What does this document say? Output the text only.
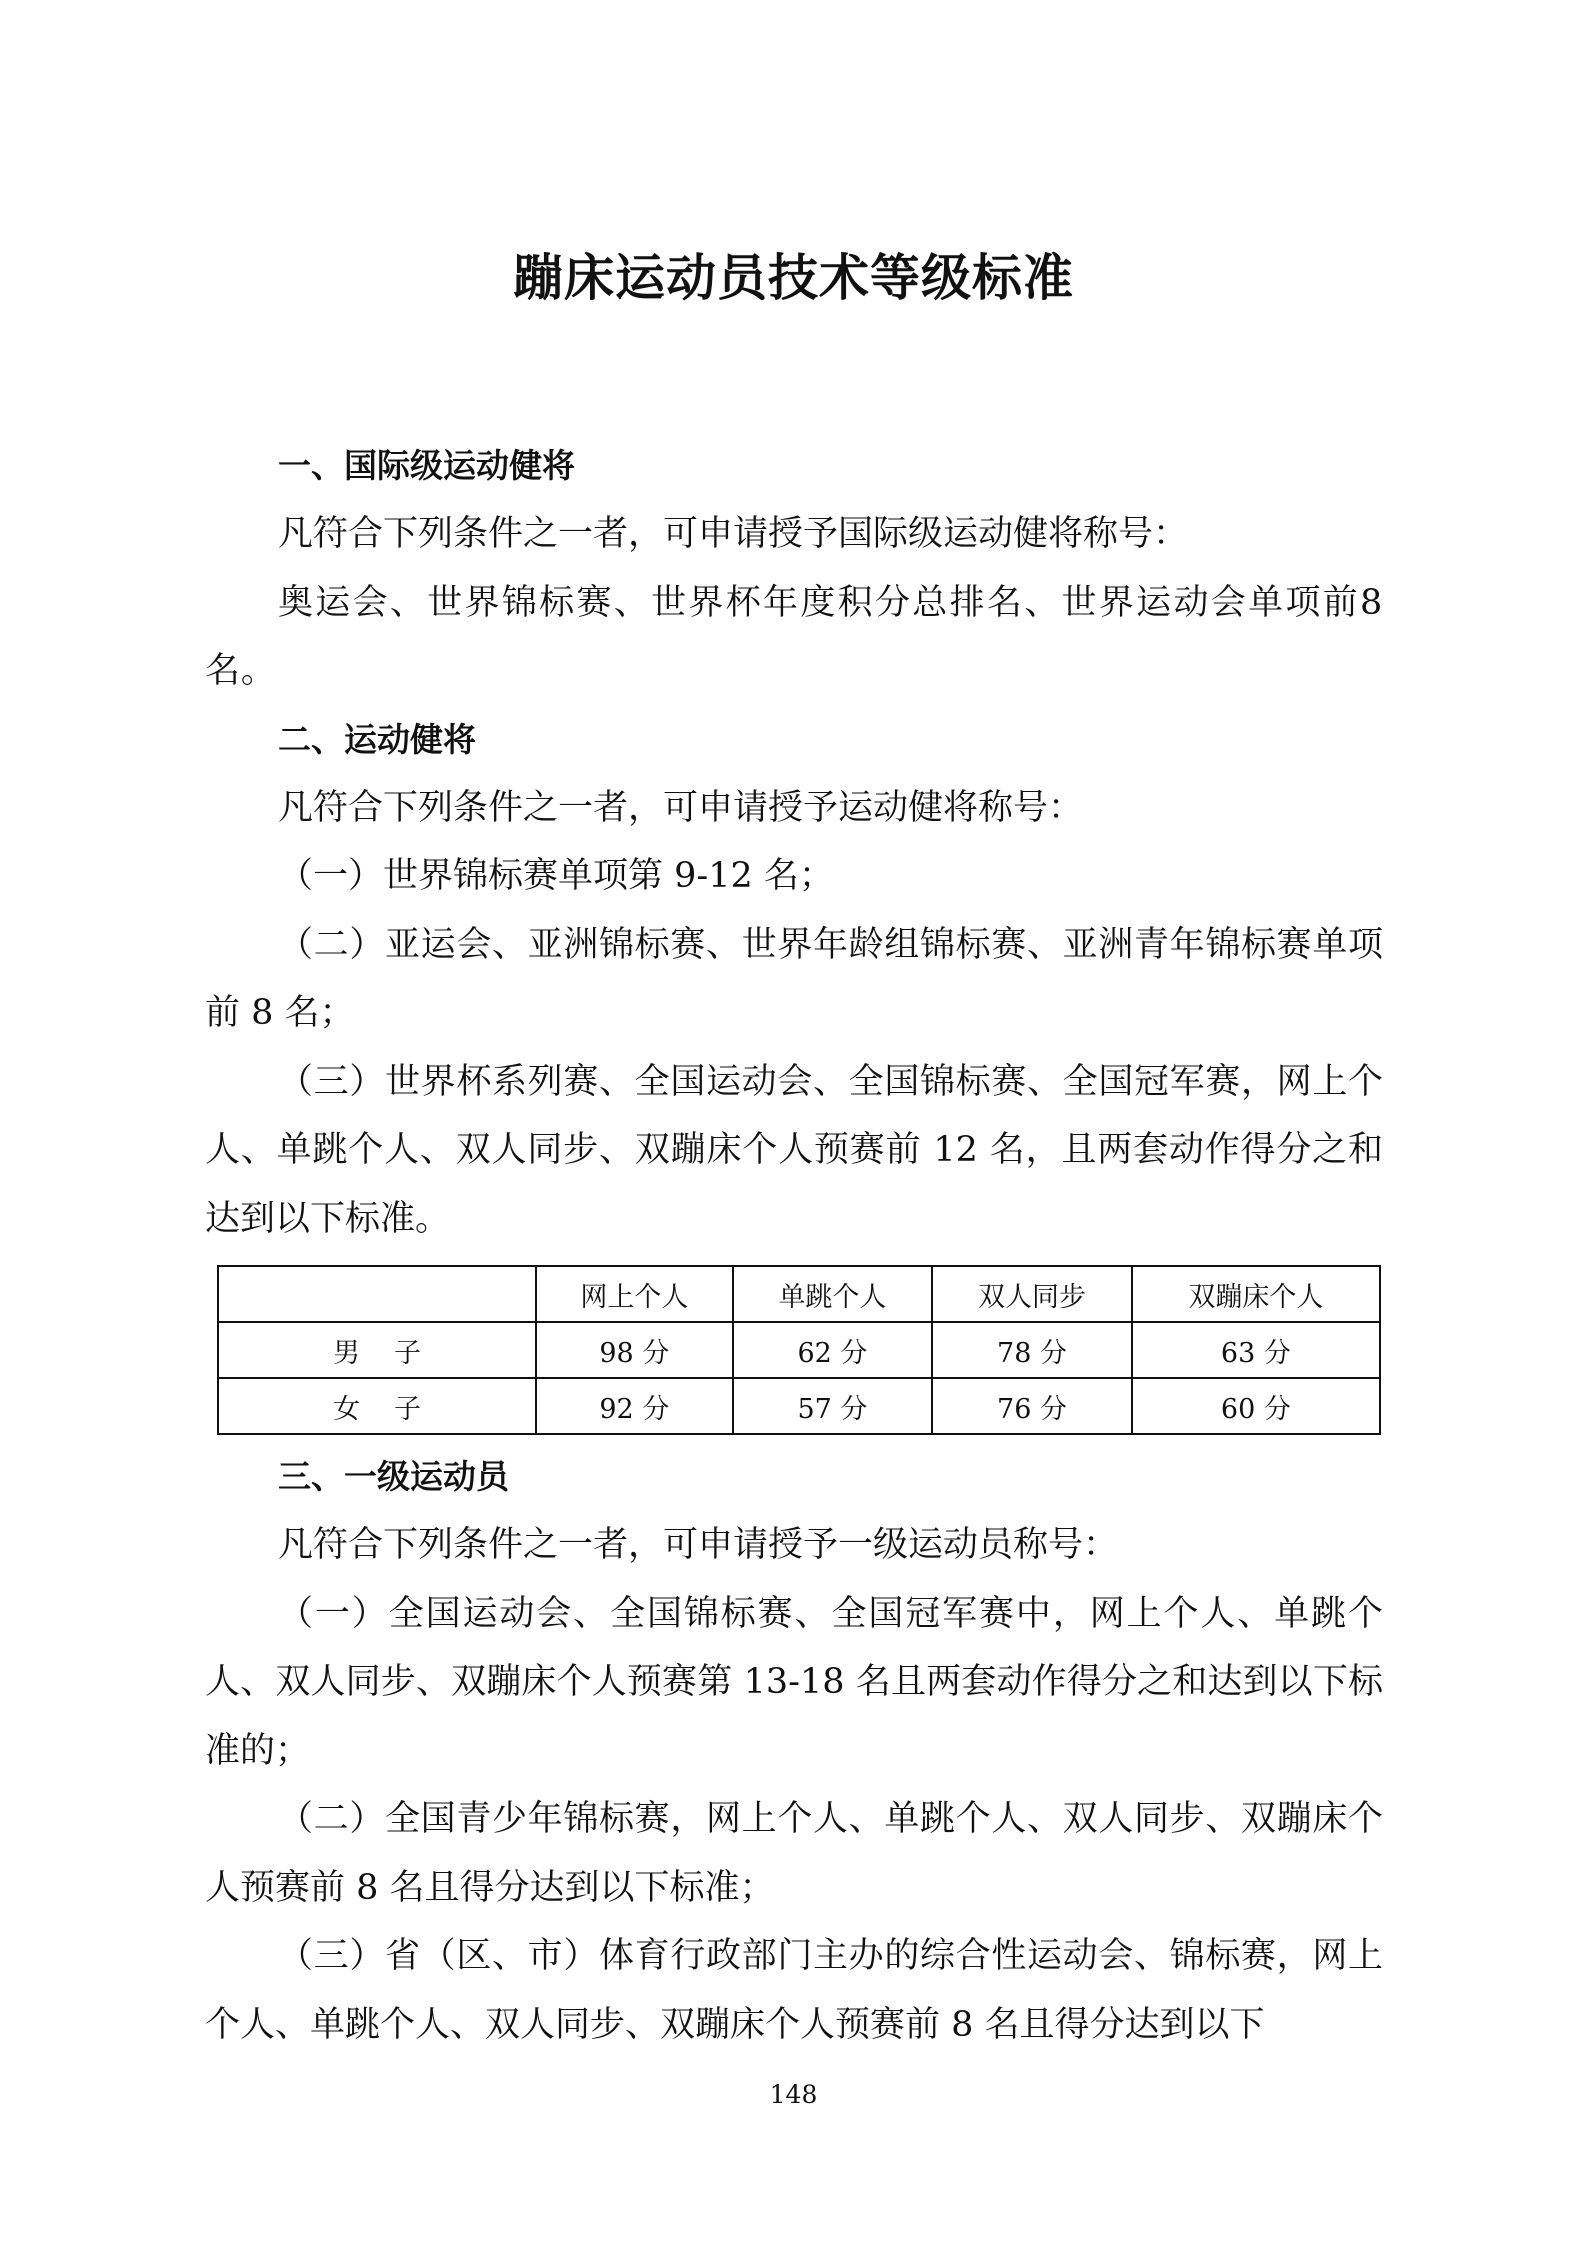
蹦床运动员技术等级标准
一、国际级运动健将
凡符合下列条件之一者，可申请授予国际级运动健将称号：
奥运会、世界锦标赛、世界杯年度积分总排名、世界运动会单项前8名。
二、运动健将
凡符合下列条件之一者，可申请授予运动健将称号：
（一）世界锦标赛单项第 9-12 名；
（二）亚运会、亚洲锦标赛、世界年龄组锦标赛、亚洲青年锦标赛单项前 8 名；
（三）世界杯系列赛、全国运动会、全国锦标赛、全国冠军赛，网上个人、单跳个人、双人同步、双蹦床个人预赛前 12 名，且两套动作得分之和达到以下标准。
	网上个人	单跳个人	双人同步	双蹦床个人
男子	98 分	62 分	78 分	63 分
女子	92 分	57 分	76 分	60 分
三、一级运动员
凡符合下列条件之一者，可申请授予一级运动员称号：
（一）全国运动会、全国锦标赛、全国冠军赛中，网上个人、单跳个人、双人同步、双蹦床个人预赛第 13-18 名且两套动作得分之和达到以下标准的；
（二）全国青少年锦标赛，网上个人、单跳个人、双人同步、双蹦床个人预赛前 8 名且得分达到以下标准；
（三）省（区、市）体育行政部门主办的综合性运动会、锦标赛，网上个人、单跳个人、双人同步、双蹦床个人预赛前 8 名且得分达到以下
148
